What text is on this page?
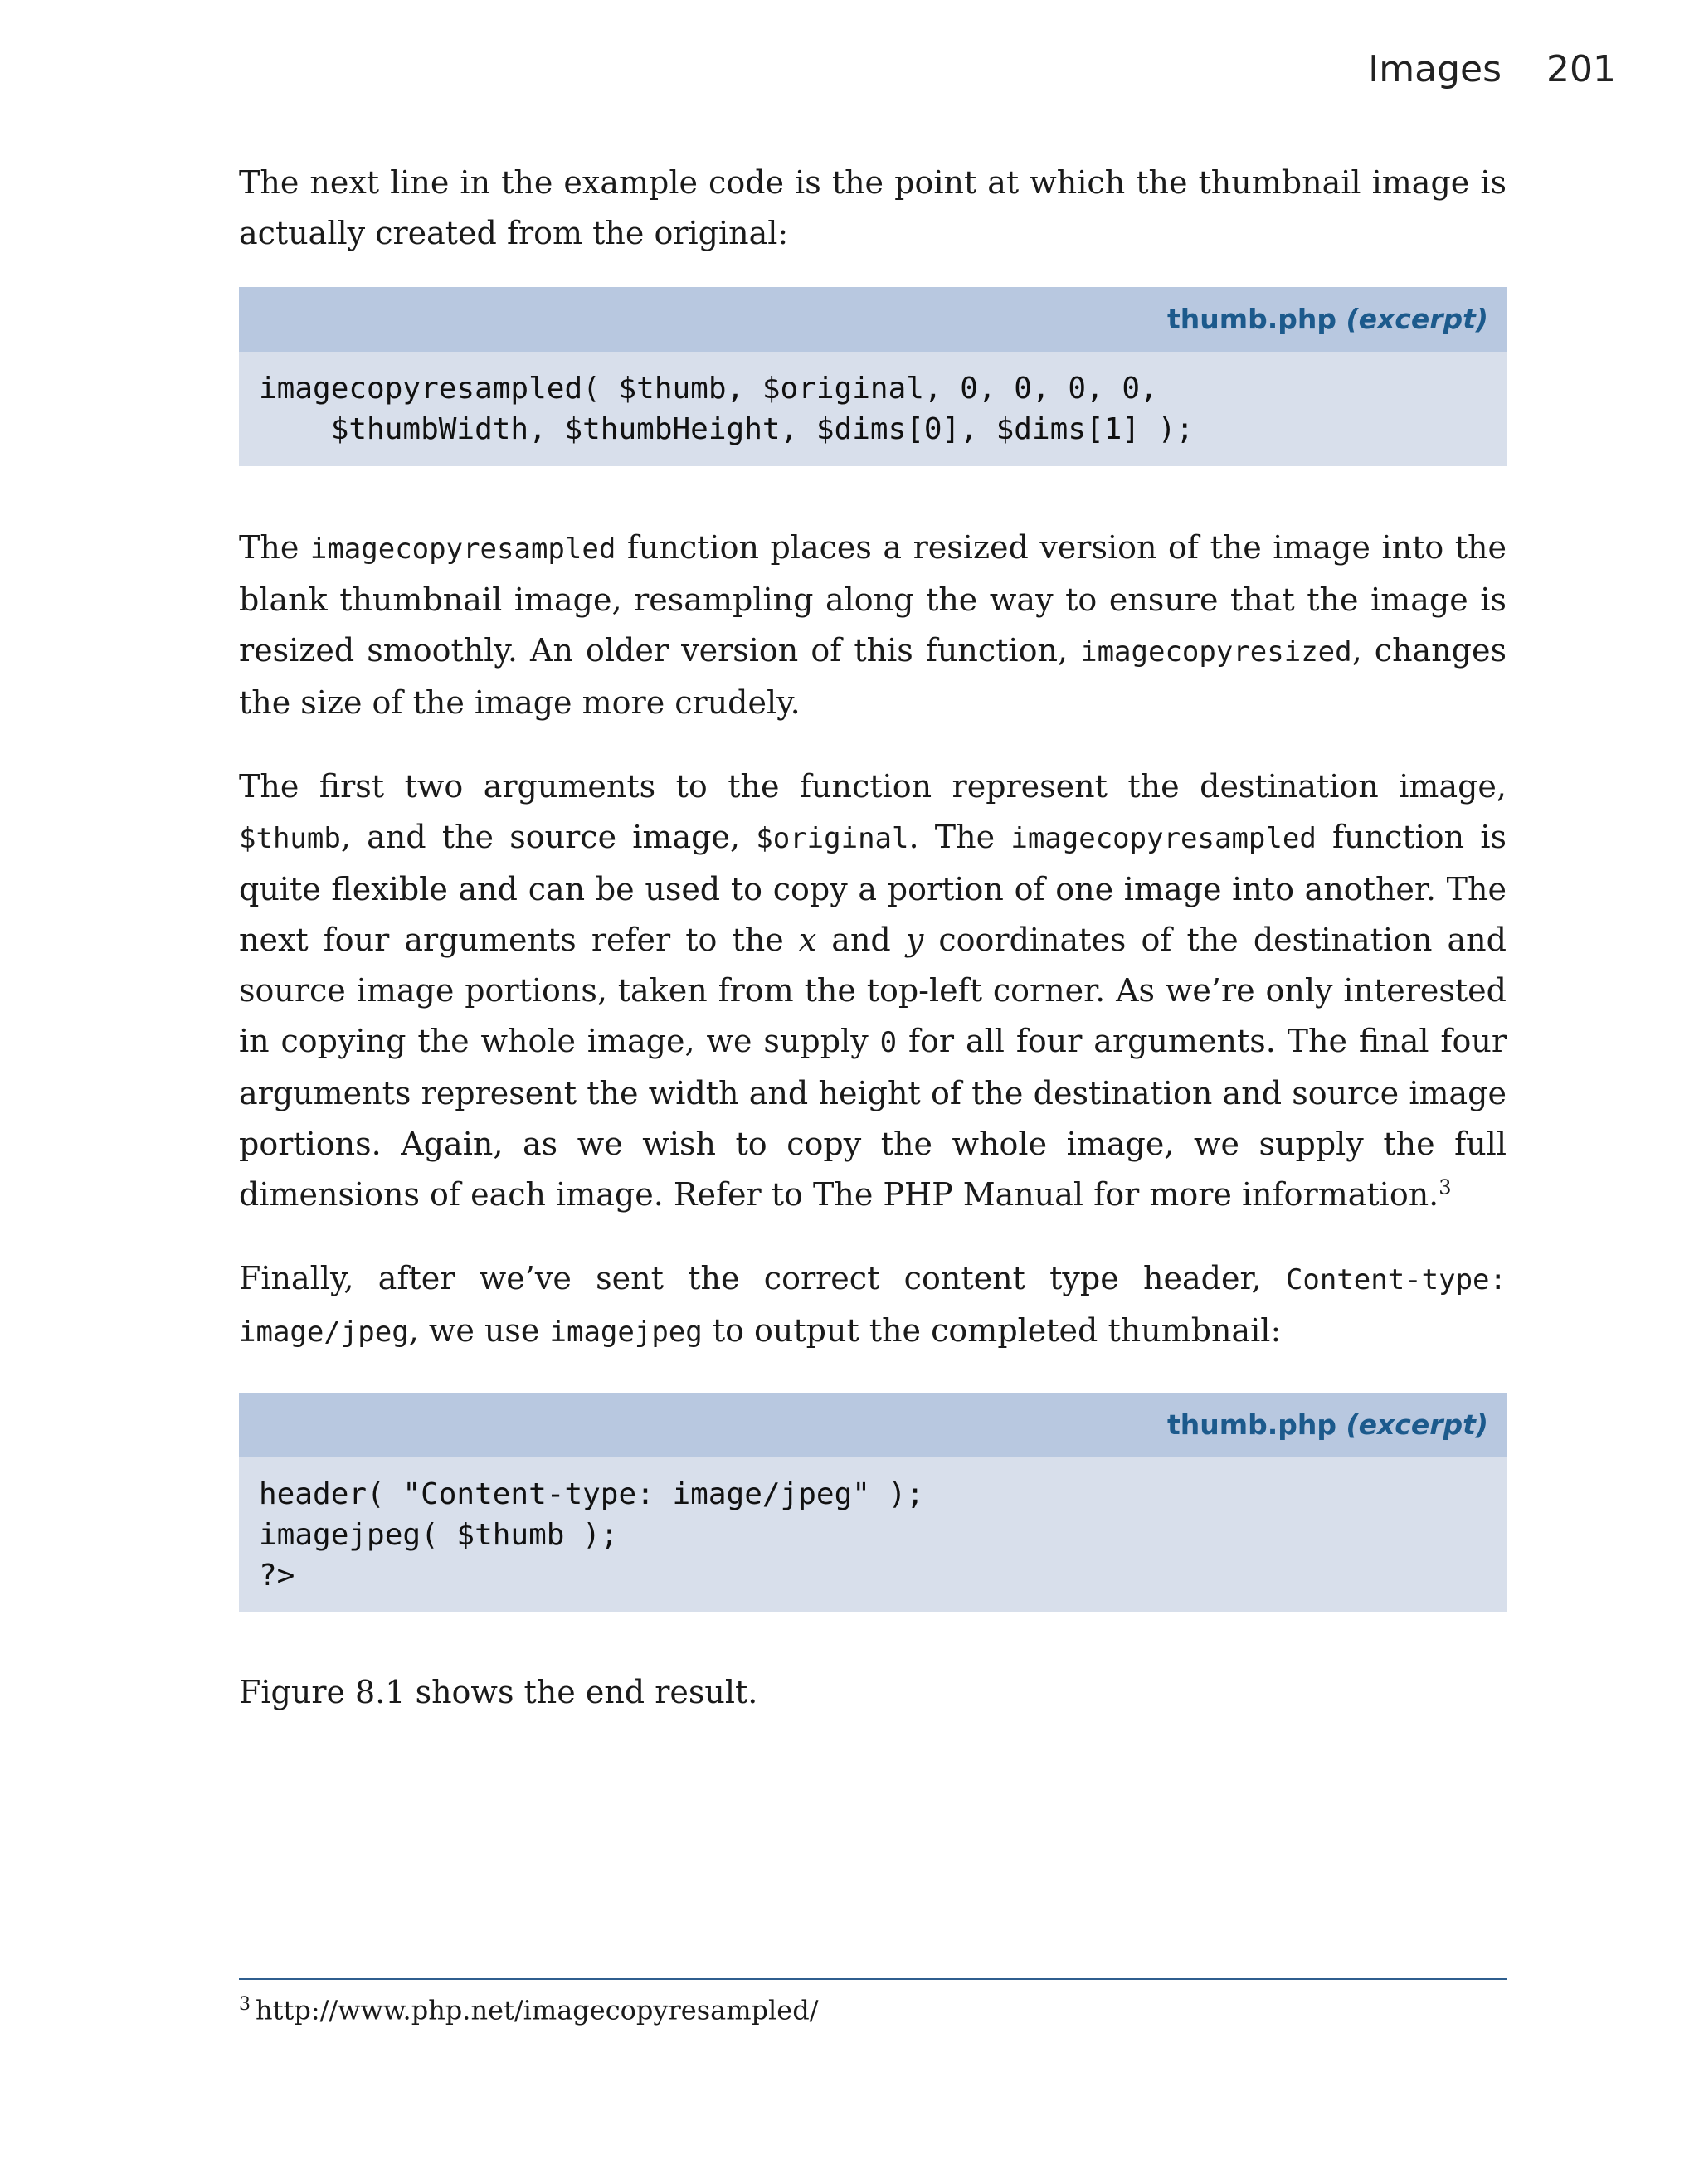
Images 201

The next line in the example code is the point at which the thumbnail image is actually created from the original:

thumb.php (excerpt)
imagecopyresampled( $thumb, $original, 0, 0, 0, 0,
$thumbWidth, $thumbHeight, $dims[0], $dims[1] );

The imagecopyresampled function places a resized version of the image into the blank thumbnail image, resampling along the way to ensure that the image is resized smoothly. An older version of this function, imagecopyresized, changes the size of the image more crudely.

The first two arguments to the function represent the destination image, $thumb, and the source image, $original. The imagecopyresampled function is quite flexible and can be used to copy a portion of one image into another. The next four arguments refer to the x and y coordinates of the destination and source image portions, taken from the top-left corner. As we’re only interested in copying the whole image, we supply 0 for all four arguments. The final four arguments represent the width and height of the destination and source image portions. Again, as we wish to copy the whole image, we supply the full dimensions of each image. Refer to The PHP Manual for more information.$^3$

Finally, after we’ve sent the correct content type header, Content-type: image/jpeg, we use imagejpeg to output the completed thumbnail:

thumb.php (excerpt)
header( "Content-type: image/jpeg" );
imagejpeg( $thumb );
?>

Figure 8.1 shows the end result.

$^3$ http://www.php.net/imagecopyresampled/
